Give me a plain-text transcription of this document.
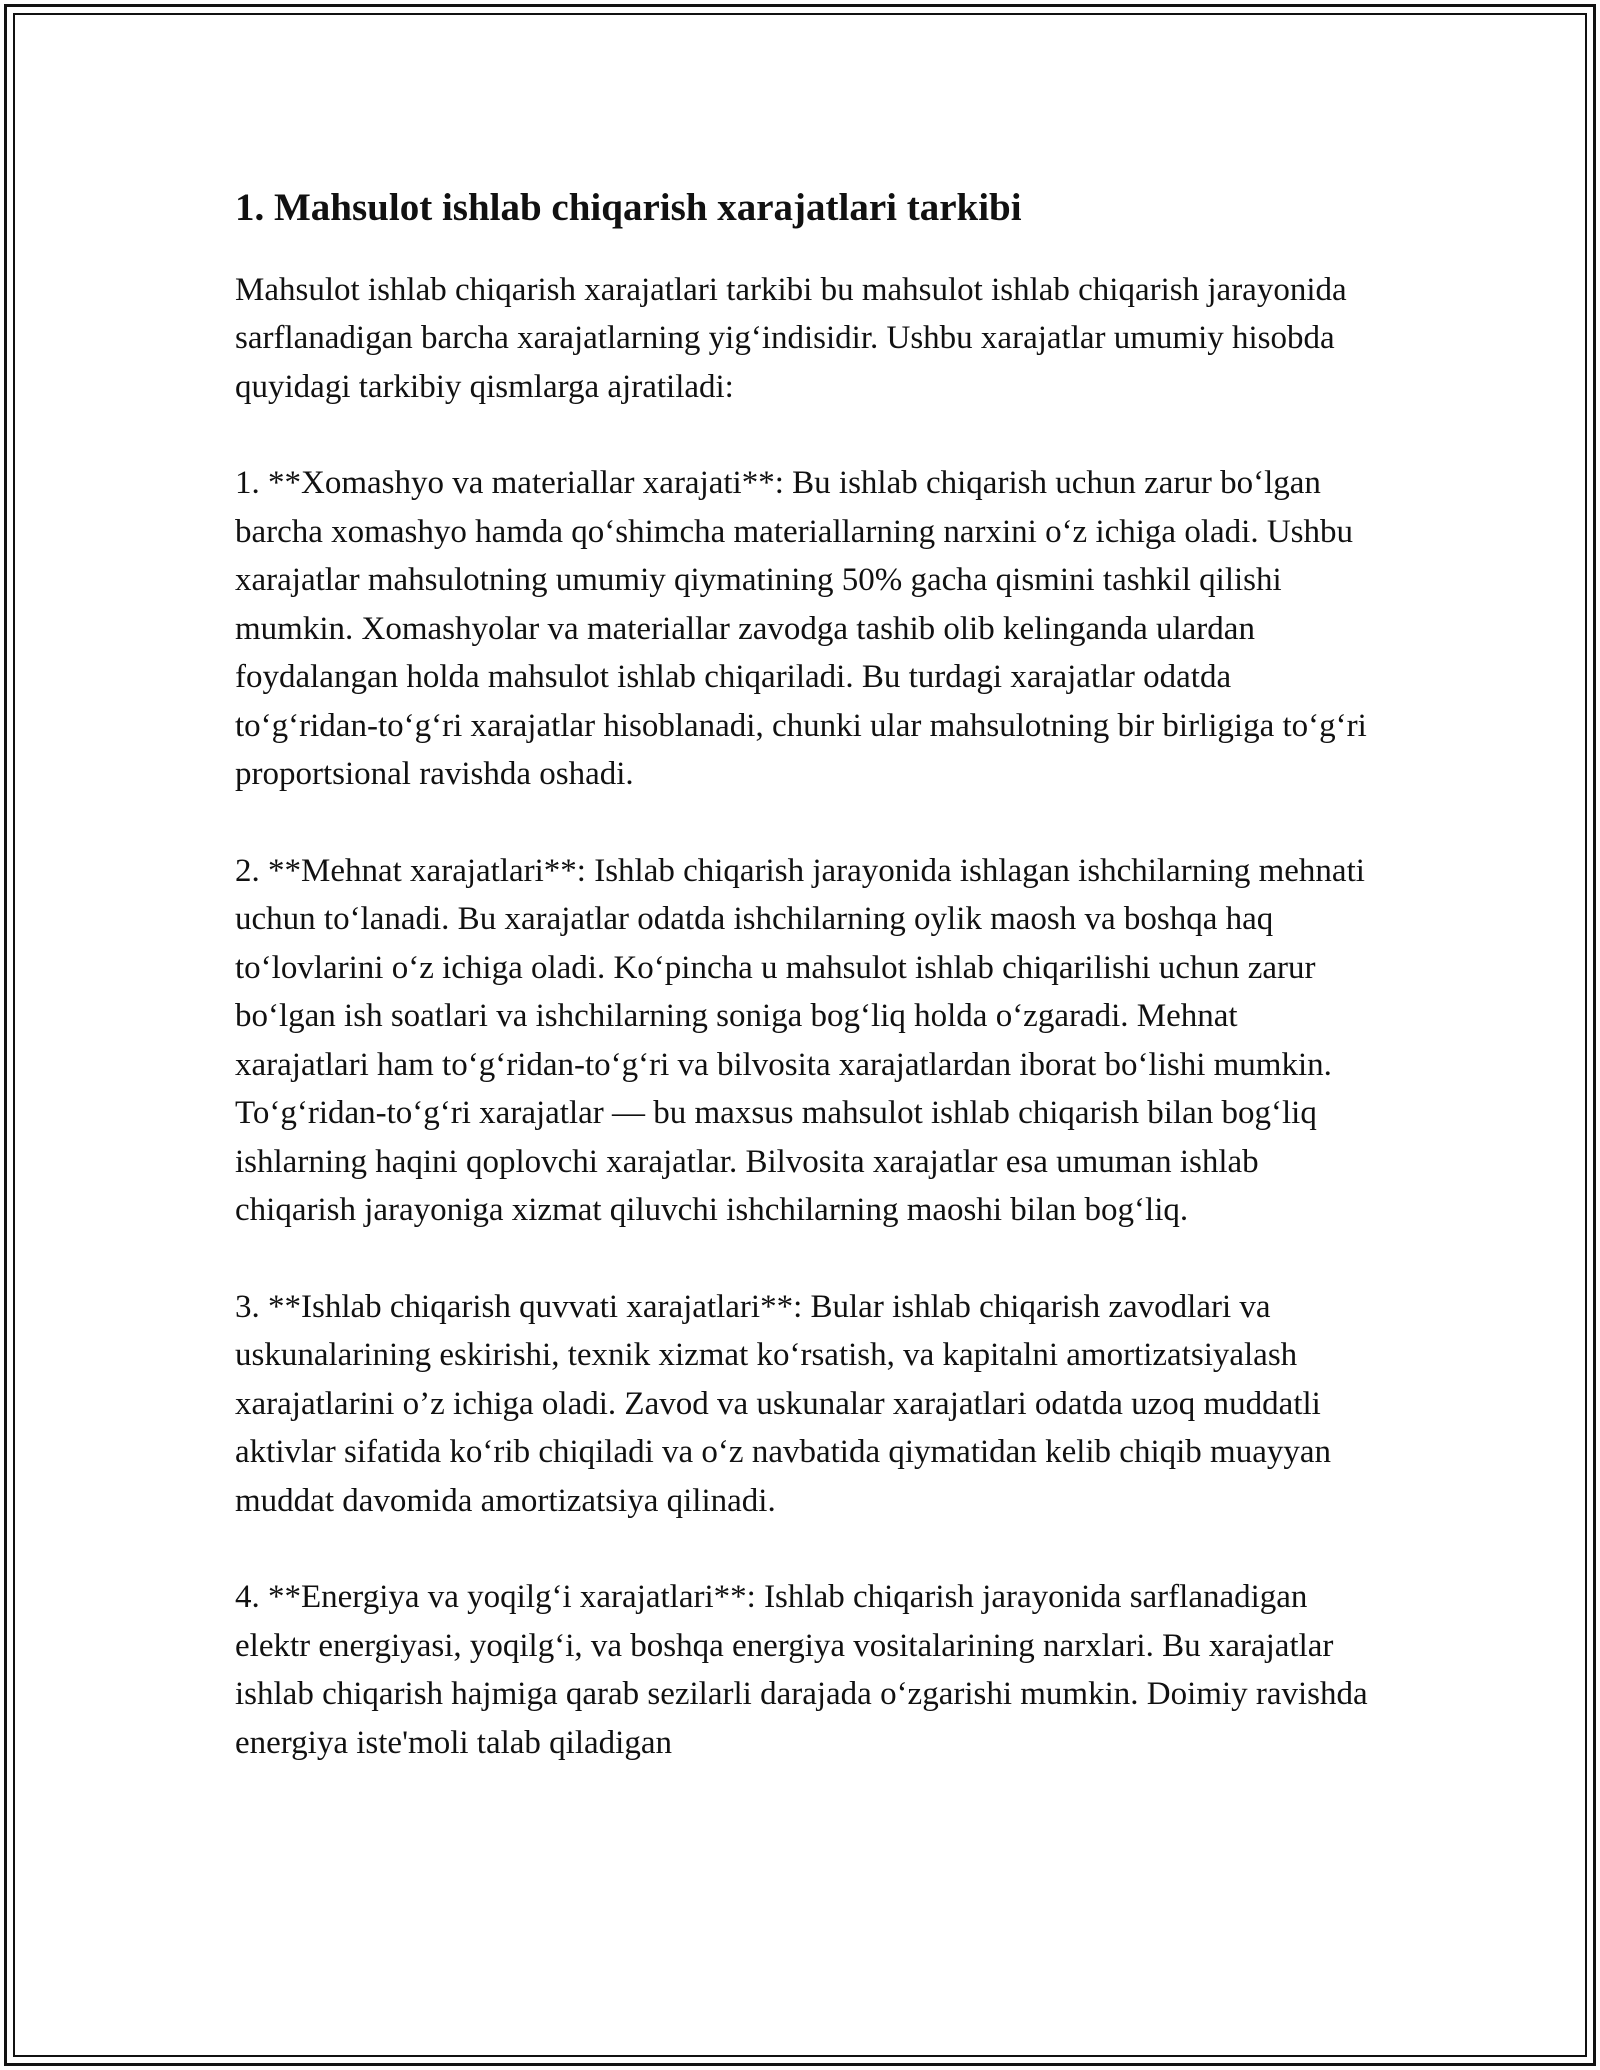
1. Mahsulot ishlab chiqarish xarajatlari tarkibi

Mahsulot ishlab chiqarish xarajatlari tarkibi bu mahsulot ishlab chiqarish jarayonida sarflanadigan barcha xarajatlarning yig‘indisidir. Ushbu xarajatlar umumiy hisobda quyidagi tarkibiy qismlarga ajratiladi:

1. **Xomashyo va materiallar xarajati**: Bu ishlab chiqarish uchun zarur bo‘lgan barcha xomashyo hamda qo‘shimcha materiallarning narxini o‘z ichiga oladi. Ushbu xarajatlar mahsulotning umumiy qiymatining 50% gacha qismini tashkil qilishi mumkin. Xomashyolar va materiallar zavodga tashib olib kelinganda ulardan foydalangan holda mahsulot ishlab chiqariladi. Bu turdagi xarajatlar odatda to‘g‘ridan-to‘g‘ri xarajatlar hisoblanadi, chunki ular mahsulotning bir birligiga to‘g‘ri proportsional ravishda oshadi.

2. **Mehnat xarajatlari**: Ishlab chiqarish jarayonida ishlagan ishchilarning mehnati uchun to‘lanadi. Bu xarajatlar odatda ishchilarning oylik maosh va boshqa haq to‘lovlarini o‘z ichiga oladi. Ko‘pincha u mahsulot ishlab chiqarilishi uchun zarur bo‘lgan ish soatlari va ishchilarning soniga bog‘liq holda o‘zgaradi. Mehnat xarajatlari ham to‘g‘ridan-to‘g‘ri va bilvosita xarajatlardan iborat bo‘lishi mumkin. To‘g‘ridan-to‘g‘ri xarajatlar — bu maxsus mahsulot ishlab chiqarish bilan bog‘liq ishlarning haqini qoplovchi xarajatlar. Bilvosita xarajatlar esa umuman ishlab chiqarish jarayoniga xizmat qiluvchi ishchilarning maoshi bilan bog‘liq.

3. **Ishlab chiqarish quvvati xarajatlari**: Bular ishlab chiqarish zavodlari va uskunalarining eskirishi, texnik xizmat ko‘rsatish, va kapitalni amortizatsiyalash xarajatlarini o’z ichiga oladi. Zavod va uskunalar xarajatlari odatda uzoq muddatli aktivlar sifatida ko‘rib chiqiladi va o‘z navbatida qiymatidan kelib chiqib muayyan muddat davomida amortizatsiya qilinadi.

4. **Energiya va yoqilg‘i xarajatlari**: Ishlab chiqarish jarayonida sarflanadigan elektr energiyasi, yoqilg‘i, va boshqa energiya vositalarining narxlari. Bu xarajatlar ishlab chiqarish hajmiga qarab sezilarli darajada o‘zgarishi mumkin. Doimiy ravishda energiya iste'moli talab qiladigan
